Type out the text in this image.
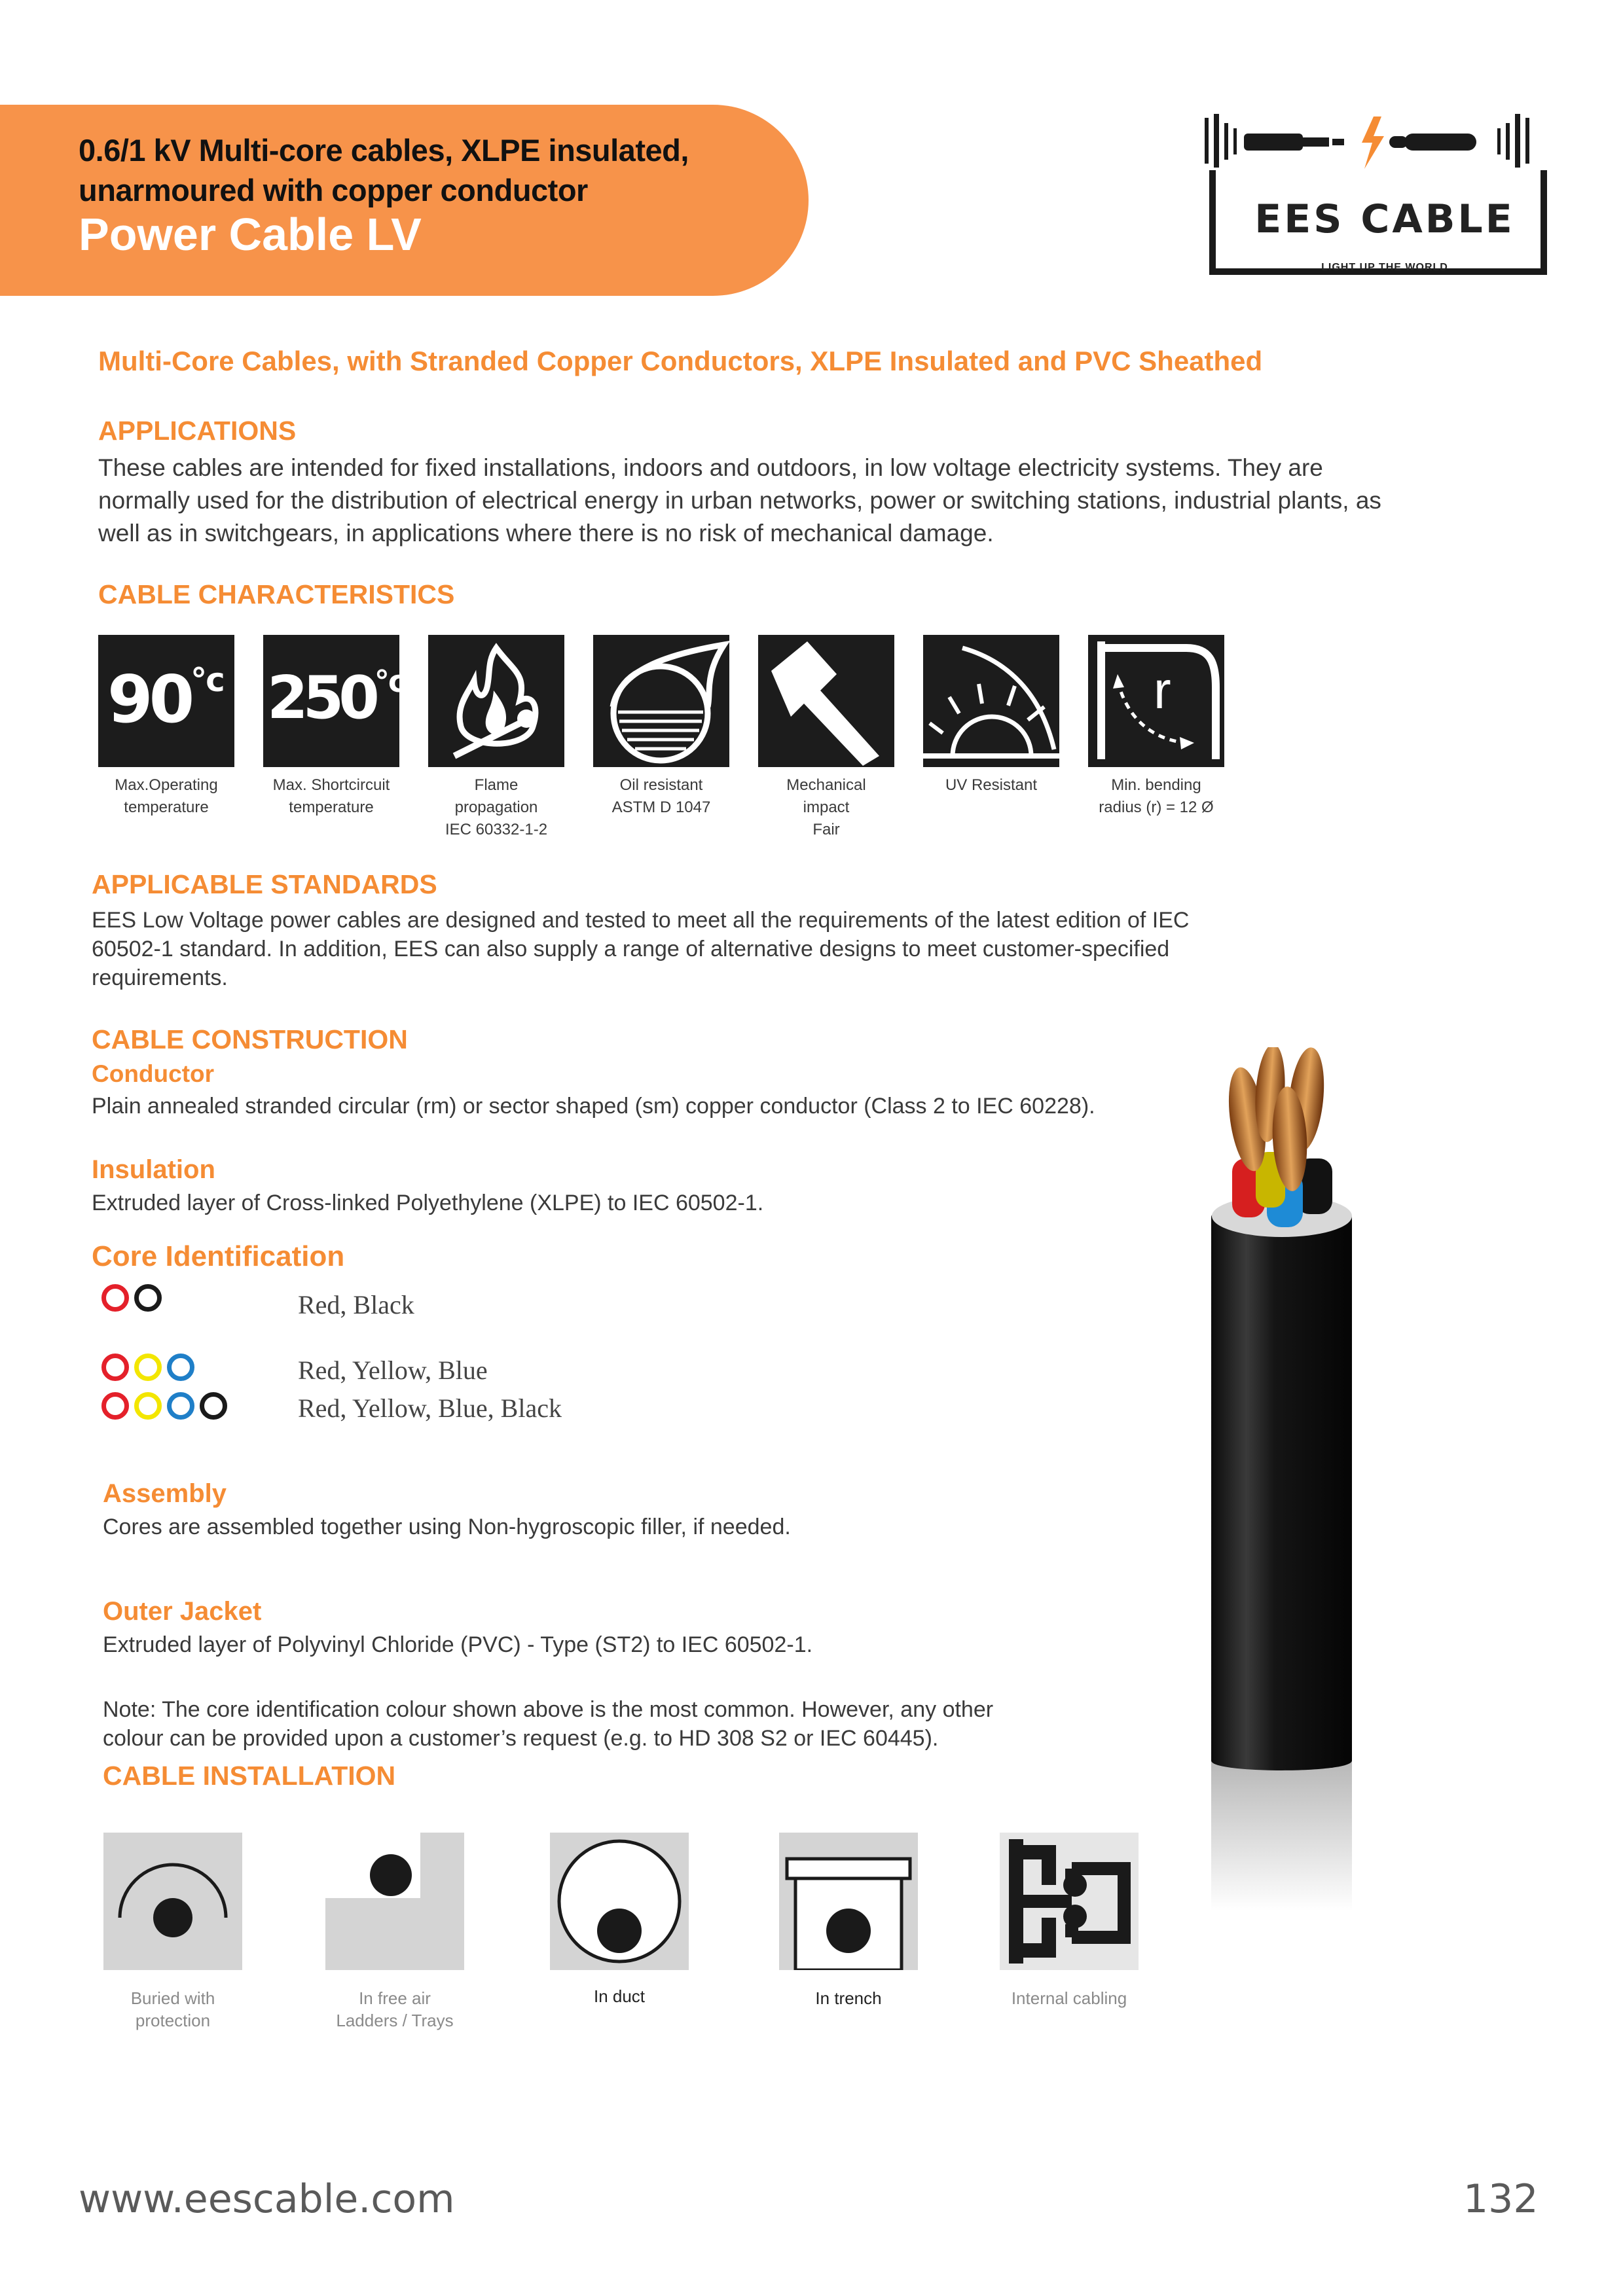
0.6/1 kV Multi-core cables, XLPE insulated,
unarmoured with copper conductor
Power Cable LV	EES CABLE
LIGHT UP THE WORLD
Multi-Core Cables, with Stranded Copper Conductors, XLPE Insulated and PVC Sheathed
APPLICATIONS
These cables are intended for fixed installations, indoors and outdoors, in low voltage electricity systems. They are
normally used for the distribution of electrical energy in urban networks, power or switching stations, industrial plants, as
well as in switchgears, in applications where there is no risk of mechanical damage.
CABLE CHARACTERISTICS
$90^{^\circ c}$ $250^{^\circ c}$	r
Max.Operating
temperature
Max. Shortcircuit
temperature
Flame
propagation
IEC 60332-1-2
Oil resistant
ASTM D 1047
Mechanical
impact
Fair
UV Resistant	Min. bending
radius (r) = 12 Ø
APPLICABLE STANDARDS
EES Low Voltage power cables are designed and tested to meet all the requirements of the latest edition of IEC
60502-1 standard. In addition, EES can also supply a range of alternative designs to meet customer-specified
requirements.
CABLE CONSTRUCTION
Conductor
Plain annealed stranded circular (rm) or sector shaped (sm) copper conductor (Class 2 to IEC 60228).
Insulation
Extruded layer of Cross-linked Polyethylene (XLPE) to IEC 60502-1.
Core Identification
Red, Black
Red, Yellow, Blue
Red, Yellow, Blue, Black
Assembly
Cores are assembled together using Non-hygroscopic filler, if needed.
Outer Jacket
Extruded layer of Polyvinyl Chloride (PVC) - Type (ST2) to IEC 60502-1.
Note: The core identification colour shown above is the most common. However, any other
colour can be provided upon a customer’s request (e.g. to HD 308 S2 or IEC 60445).
CABLE INSTALLATION
Buried with
protection
In free air
Ladders / Trays
In duct	In trench	Internal cabling
www.eescable.com	132
